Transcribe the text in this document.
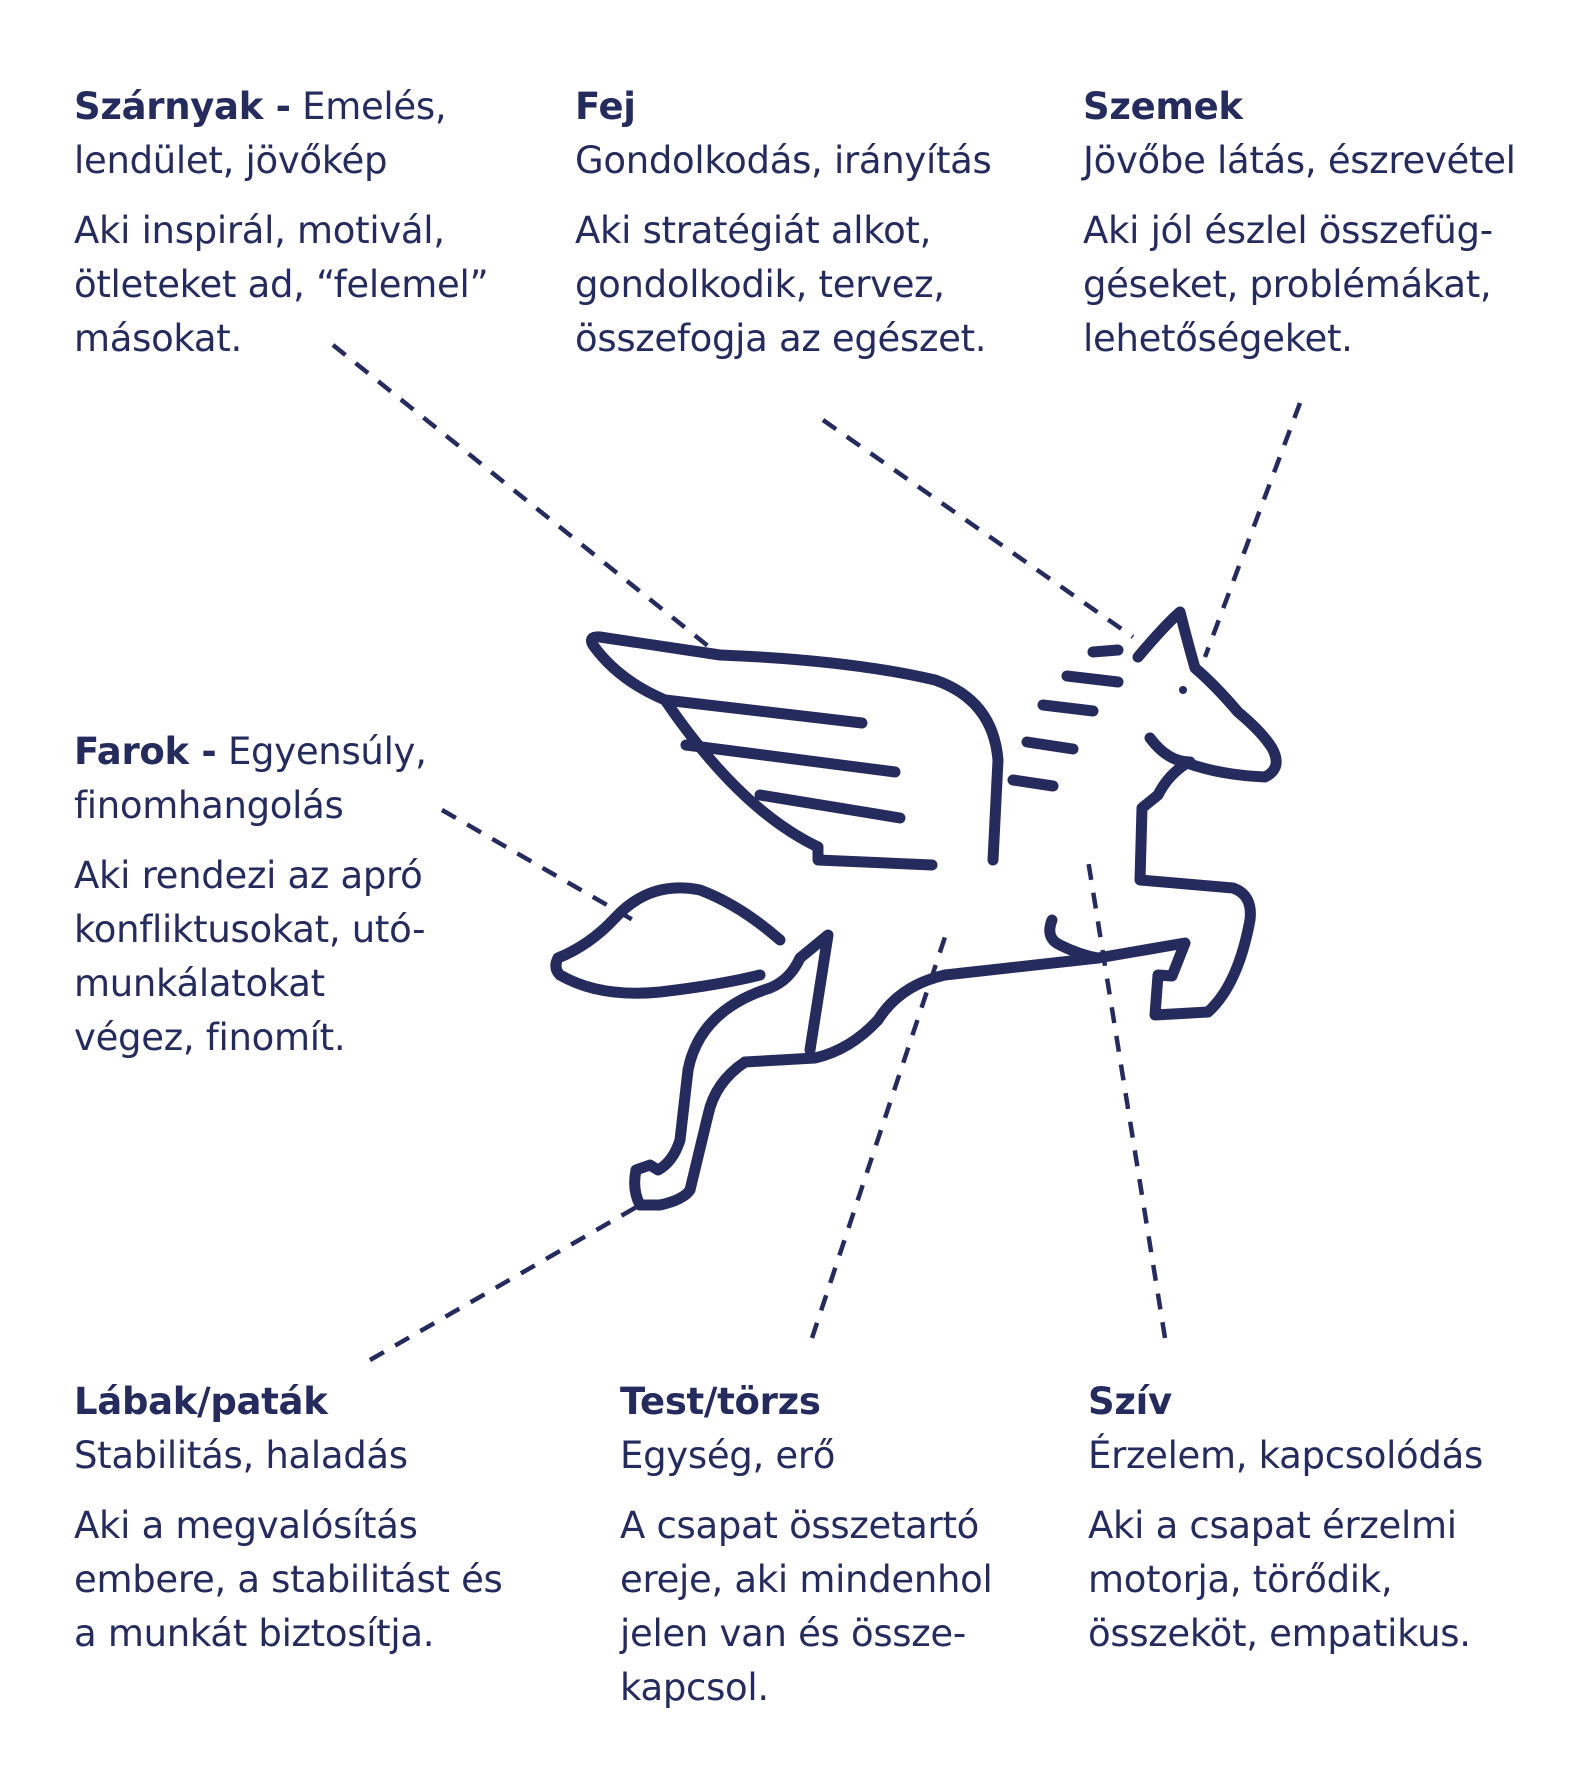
Szárnyak - Emelés,
lendület, jövőkép
Aki inspirál, motivál,
ötleteket ad, “felemel”
másokat.
Fej
Gondolkodás, irányítás
Aki stratégiát alkot,
gondolkodik, tervez,
összefogja az egészet.
Szemek
Jövőbe látás, észrevétel
Aki jól észlel összefüg-
géseket, problémákat,
lehetőségeket.
Farok - Egyensúly,
finomhangolás
Aki rendezi az apró
konfliktusokat, utó-
munkálatokat
végez, finomít.
Lábak/paták
Stabilitás, haladás
Aki a megvalósítás
embere, a stabilitást és
a munkát biztosítja.
Test/törzs
Egység, erő
A csapat összetartó
ereje, aki mindenhol
jelen van és össze-
kapcsol.
Szív
Érzelem, kapcsolódás
Aki a csapat érzelmi
motorja, törődik,
összeköt, empatikus.
